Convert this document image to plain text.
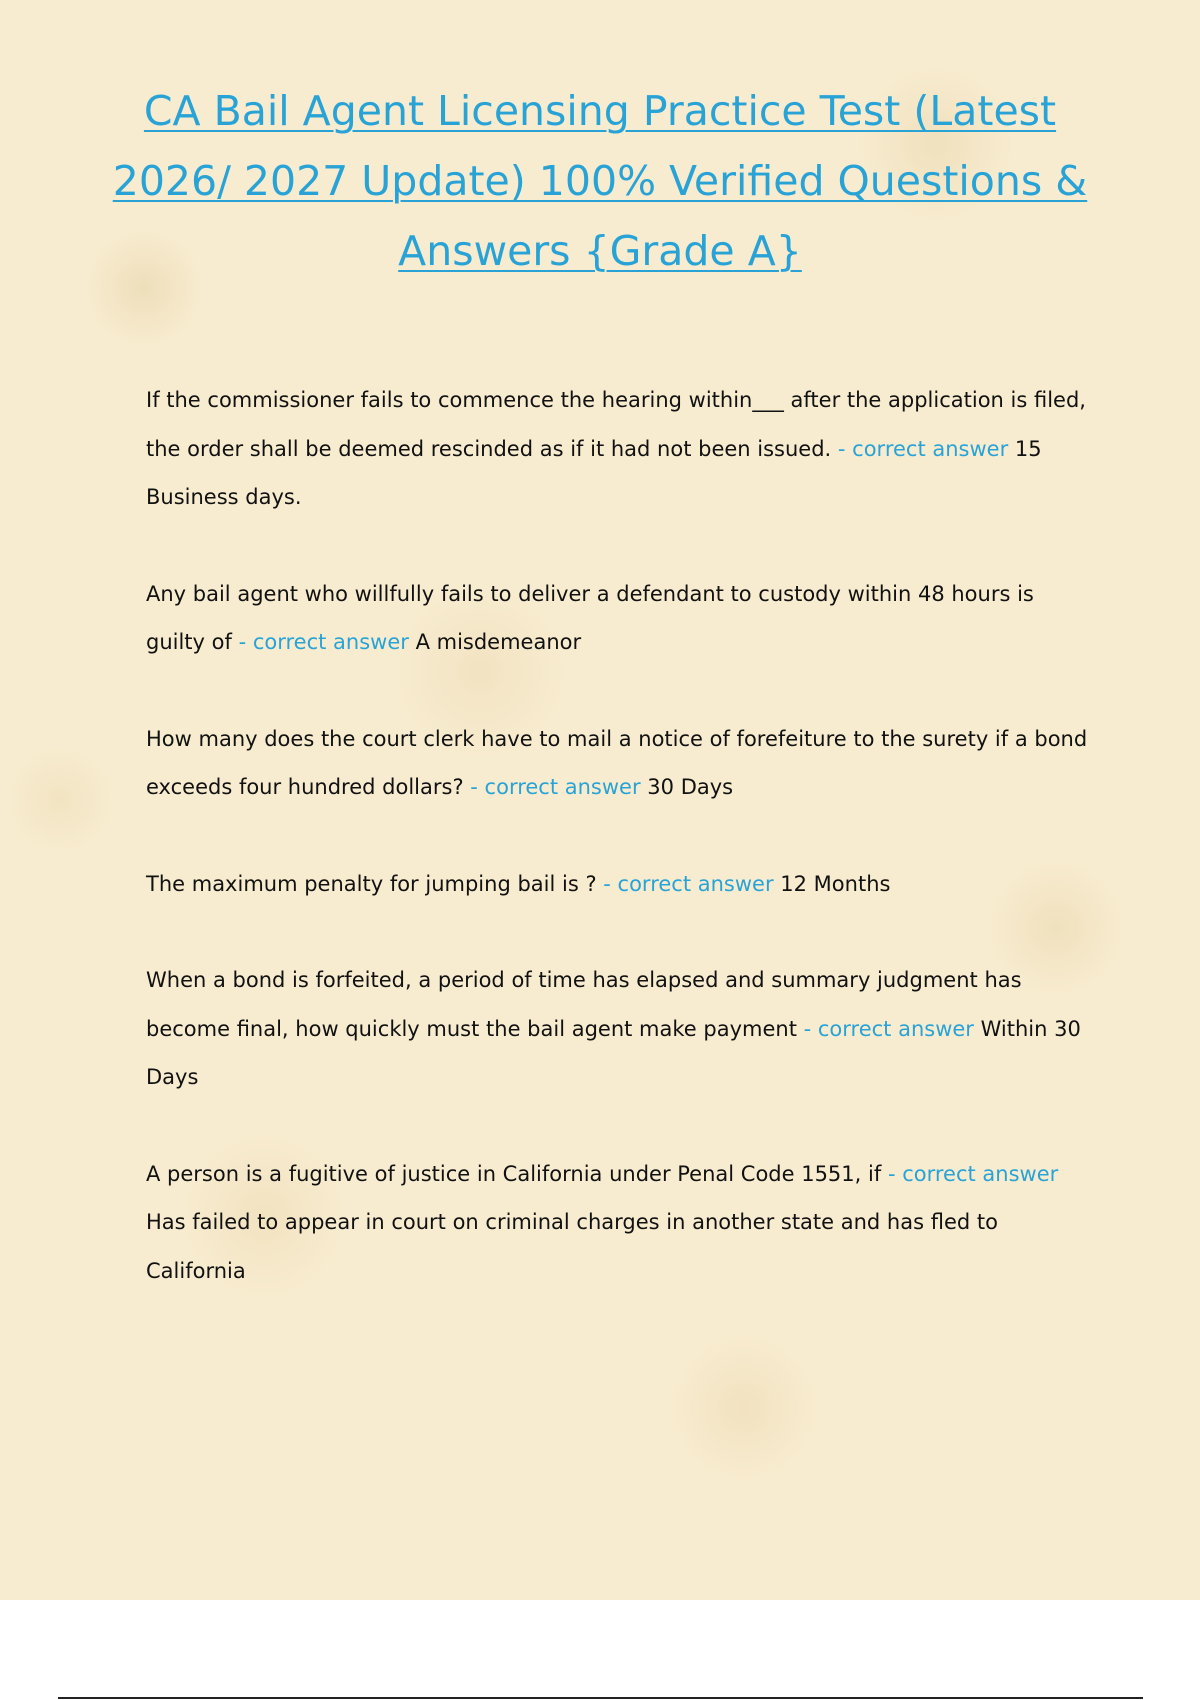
CA Bail Agent Licensing Practice Test (Latest 2026/ 2027 Update) 100% Verified Questions & Answers {Grade A}

If the commissioner fails to commence the hearing within___ after the application is filed, the order shall be deemed rescinded as if it had not been issued. - correct answer 15 Business days.

Any bail agent who willfully fails to deliver a defendant to custody within 48 hours is guilty of - correct answer A misdemeanor

How many does the court clerk have to mail a notice of forefeiture to the surety if a bond exceeds four hundred dollars? - correct answer 30 Days

The maximum penalty for jumping bail is ? - correct answer 12 Months

When a bond is forfeited, a period of time has elapsed and summary judgment has become final, how quickly must the bail agent make payment - correct answer Within 30 Days

A person is a fugitive of justice in California under Penal Code 1551, if - correct answer Has failed to appear in court on criminal charges in another state and has fled to California
